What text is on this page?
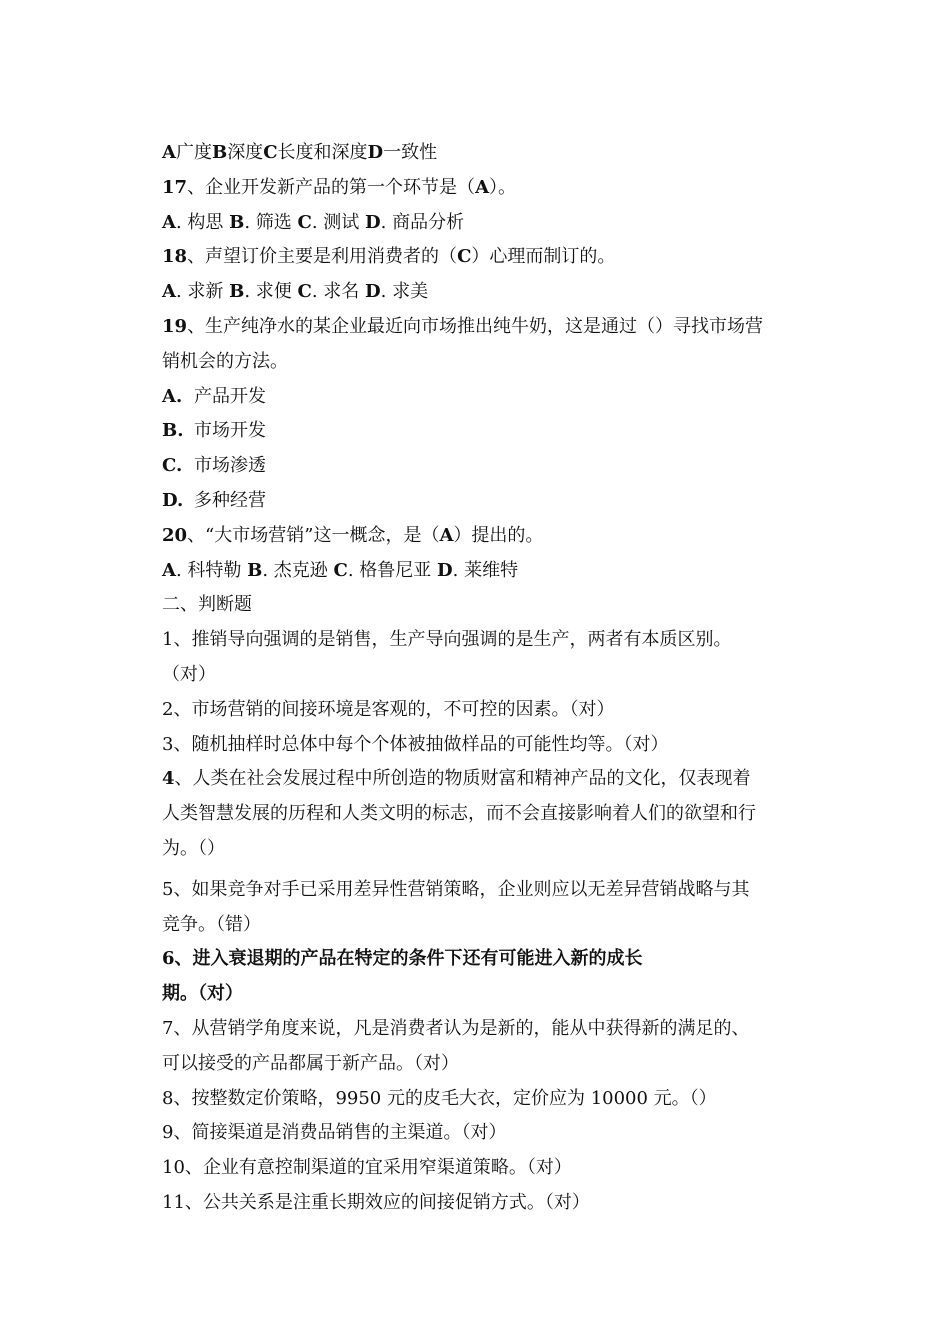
A广度B深度C长度和深度D一致性
17、企业开发新产品的第一个环节是（A）。
A. 构思 B. 筛选 C. 测试 D. 商品分析
18、声望订价主要是利用消费者的（C）心理而制订的。
A. 求新 B. 求便 C. 求名 D. 求美
19、生产纯净水的某企业最近向市场推出纯牛奶，这是通过（）寻找市场营
销机会的方法。
A. 产品开发
B. 市场开发
C. 市场渗透
D. 多种经营
20、“大市场营销”这一概念，是（A）提出的。
A. 科特勒 B. 杰克逊 C. 格鲁尼亚 D. 莱维特
二、判断题
1、推销导向强调的是销售，生产导向强调的是生产，两者有本质区别。
（对）
2、市场营销的间接环境是客观的，不可控的因素。（对）
3、随机抽样时总体中每个个体被抽做样品的可能性均等。（对）
4、人类在社会发展过程中所创造的物质财富和精神产品的文化，仅表现着
人类智慧发展的历程和人类文明的标志，而不会直接影响着人们的欲望和行
为。（）
5、如果竞争对手已采用差异性营销策略，企业则应以无差异营销战略与其
竞争。（错）
6、进入衰退期的产品在特定的条件下还有可能进入新的成长
期。（对）
7、从营销学角度来说，凡是消费者认为是新的，能从中获得新的满足的、
可以接受的产品都属于新产品。（对）
8、按整数定价策略，9950 元的皮毛大衣，定价应为 10000 元。（）
9、简接渠道是消费品销售的主渠道。（对）
10、企业有意控制渠道的宜采用窄渠道策略。（对）
11、公共关系是注重长期效应的间接促销方式。（对）
